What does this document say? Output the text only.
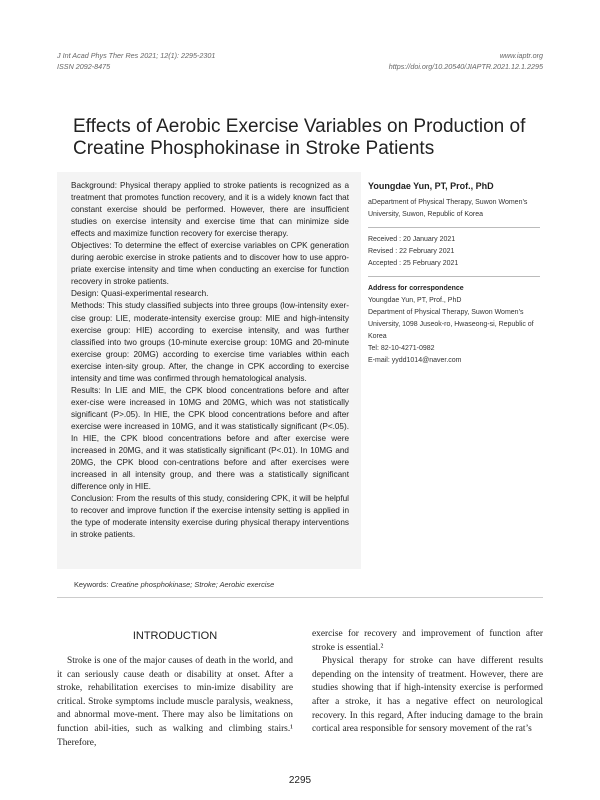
J Int Acad Phys Ther Res 2021; 12(1): 2295-2301
ISSN 2092-8475
www.iaptr.org
https://doi.org/10.20540/JIAPTR.2021.12.1.2295
Effects of Aerobic Exercise Variables on Production of Creatine Phosphokinase in Stroke Patients

Background: Physical therapy applied to stroke patients is recognized as a treatment that promotes function recovery, and it is a widely known fact that constant exercise should be performed. However, there are insufficient studies on exercise intensity and exercise time that can minimize side effects and maximize function recovery for exercise therapy.

Objectives: To determine the effect of exercise variables on CPK generation during aerobic exercise in stroke patients and to discover how to use appro-priate exercise intensity and time when conducting an exercise for function recovery in stroke patients.

Design: Quasi-experimental research.

Methods: This study classified subjects into three groups (low-intensity exer-cise group: LIE, moderate-intensity exercise group: MIE and high-intensity exercise group: HIE) according to exercise intensity, and was further classified into two groups (10-minute exercise group: 10MG and 20-minute exercise group: 20MG) according to exercise time variables within each exercise inten-sity group. After, the change in CPK according to exercise intensity and time was confirmed through hematological analysis.

Results: In LIE and MIE, the CPK blood concentrations before and after exer-cise were increased in 10MG and 20MG, which was not statistically significant (P>.05). In HIE, the CPK blood concentrations before and after exercise were increased in 10MG, and it was statistically significant (P<.05). In HIE, the CPK blood concentrations before and after exercise were increased in 20MG, and it was statistically significant (P<.01). In 10MG and 20MG, the CPK blood con-centrations before and after exercises were increased in all intensity group, and there was a statistically significant difference only in HIE.

Conclusion: From the results of this study, considering CPK, it will be helpful to recover and improve function if the exercise intensity setting is applied in the type of moderate intensity exercise during physical therapy interventions in stroke patients.

Keywords: Creatine phosphokinase; Stroke; Aerobic exercise
Youngdae Yun, PT, Prof., PhD
aDepartment of Physical Therapy, Suwon Women’s University, Suwon, Republic of Korea
Received : 20 January 2021
Revised : 22 February 2021
Accepted : 25 February 2021
Address for correspondence
Youngdae Yun, PT, Prof., PhD
Department of Physical Therapy, Suwon Women’s University, 1098 Juseok-ro, Hwaseong-si, Republic of Korea
Tel: 82-10-4271-0982
E-mail: yydd1014@naver.com
INTRODUCTION

Stroke is one of the major causes of death in the world, and it can seriously cause death or disability at onset. After a stroke, rehabilitation exercises to min-imize disability are critical. Stroke symptoms include muscle paralysis, weakness, and abnormal move-ment. There may also be limitations on function abil-ities, such as walking and climbing stairs.¹ Therefore,

exercise for recovery and improvement of function after stroke is essential.²

Physical therapy for stroke can have different results depending on the intensity of treatment. However, there are studies showing that if high-intensity exercise is performed after a stroke, it has a negative effect on neurological recovery. In this regard, After inducing damage to the brain cortical area responsible for sensory movement of the rat’s

2295
